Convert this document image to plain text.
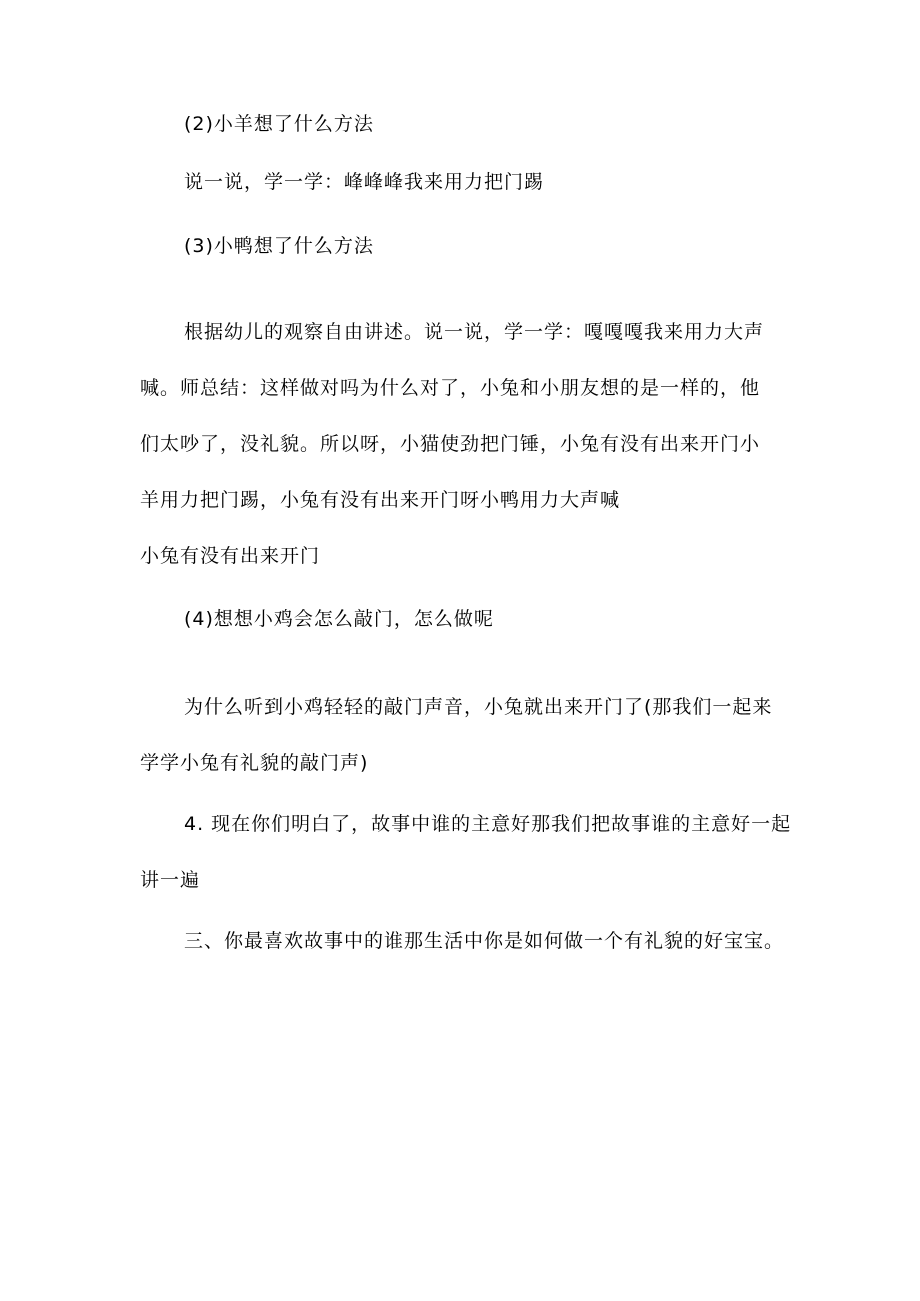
(2)小羊想了什么方法
说一说，学一学：峰峰峰我来用力把门踢
(3)小鸭想了什么方法
根据幼儿的观察自由讲述。说一说，学一学：嘎嘎嘎我来用力大声
喊。师总结：这样做对吗为什么对了，小兔和小朋友想的是一样的，他
们太吵了，没礼貌。所以呀，小猫使劲把门锤，小兔有没有出来开门小
羊用力把门踢，小兔有没有出来开门呀小鸭用力大声喊
小兔有没有出来开门
(4)想想小鸡会怎么敲门，怎么做呢
为什么听到小鸡轻轻的敲门声音，小兔就出来开门了(那我们一起来
学学小兔有礼貌的敲门声)
4. 现在你们明白了，故事中谁的主意好那我们把故事谁的主意好一起
讲一遍
三、你最喜欢故事中的谁那生活中你是如何做一个有礼貌的好宝宝。
